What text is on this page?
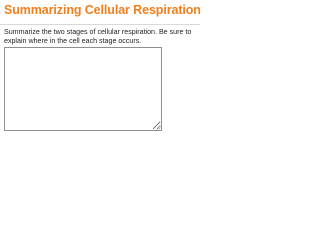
Summarizing Cellular Respiration
Summarize the two stages of cellular respiration. Be sure to explain where in the cell each stage occurs.
